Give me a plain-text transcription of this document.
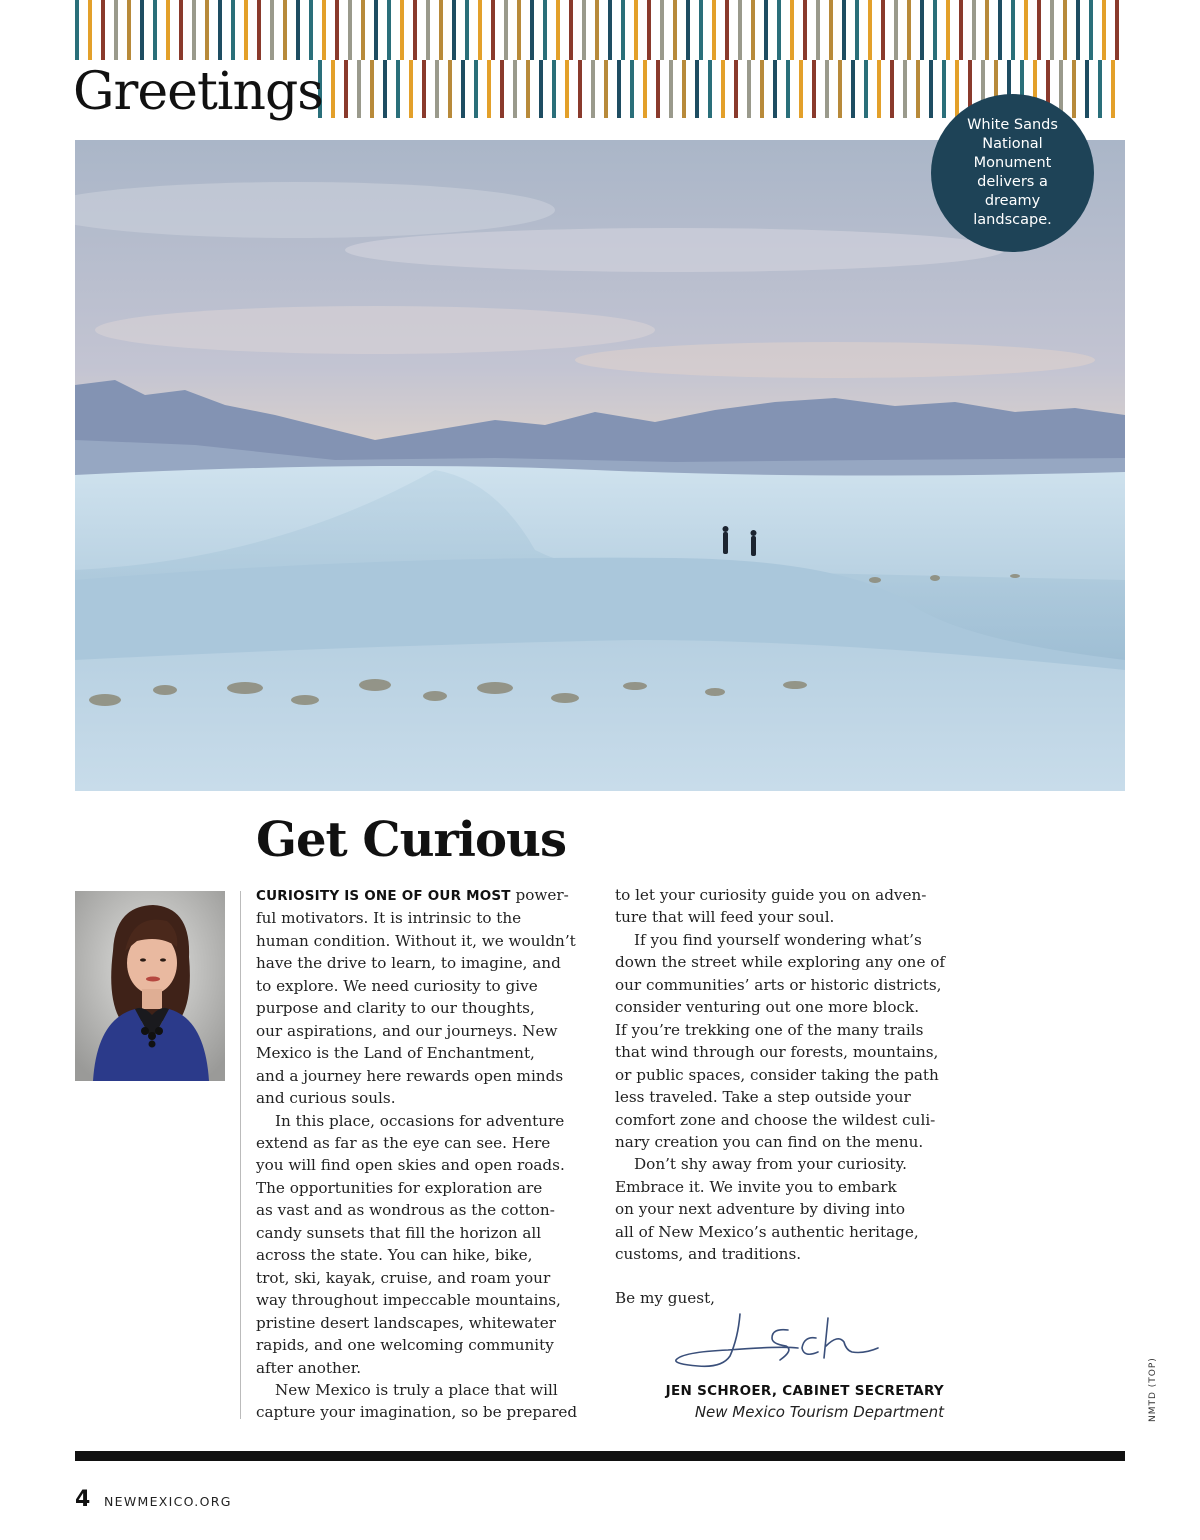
Greetings
White Sands National Monument delivers a dreamy landscape.
Get Curious

CURIOSITY IS ONE OF OUR MOST power-
ful motivators. It is intrinsic to the
human condition. Without it, we wouldn’t
have the drive to learn, to imagine, and
to explore. We need curiosity to give
purpose and clarity to our thoughts,
our aspirations, and our journeys. New
Mexico is the Land of Enchantment,
and a journey here rewards open minds
and curious souls.

In this place, occasions for adventure
extend as far as the eye can see. Here
you will find open skies and open roads.
The opportunities for exploration are
as vast and as wondrous as the cotton-
candy sunsets that fill the horizon all
across the state. You can hike, bike,
trot, ski, kayak, cruise, and roam your
way throughout impeccable mountains,
pristine desert landscapes, whitewater
rapids, and one welcoming community
after another.

New Mexico is truly a place that will
capture your imagination, so be prepared

to let your curiosity guide you on adven-
ture that will feed your soul.

If you find yourself wondering what’s
down the street while exploring any one of
our communities’ arts or historic districts,
consider venturing out one more block.
If you’re trekking one of the many trails
that wind through our forests, mountains,
or public spaces, consider taking the path
less traveled. Take a step outside your
comfort zone and choose the wildest culi-
nary creation you can find on the menu.

Don’t shy away from your curiosity.
Embrace it. We invite you to embark
on your next adventure by diving into
all of New Mexico’s authentic heritage,
customs, and traditions.

Be my guest,
JEN SCHROER, CABINET SECRETARY
New Mexico Tourism Department	NMTD (TOP)
4 NEWMEXICO.ORG
